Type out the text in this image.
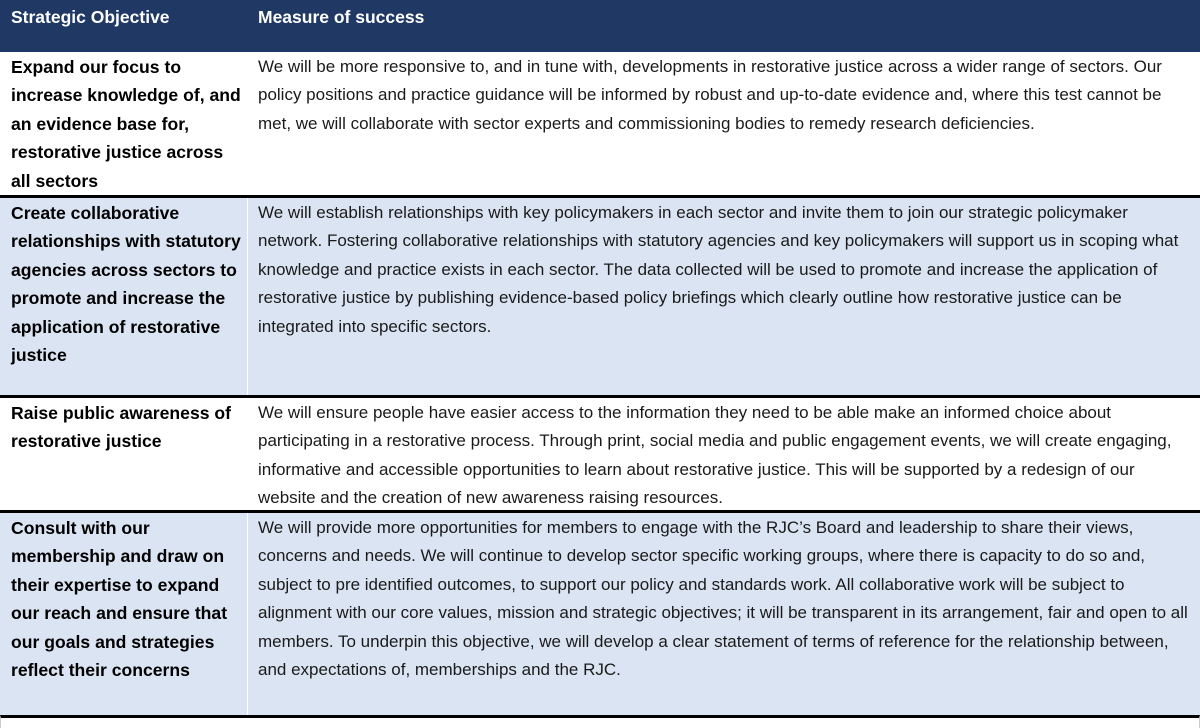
Strategic Objective	Measure of success
Expand our focus to increase knowledge of, and an evidence base for, restorative justice across all sectors
We will be more responsive to, and in tune with, developments in restorative justice across a wider range of sectors. Our policy positions and practice guidance will be informed by robust and up-to-date evidence and, where this test cannot be met, we will collaborate with sector experts and commissioning bodies to remedy research deficiencies.
Create collaborative relationships with statutory agencies across sectors to promote and increase the application of restorative justice
We will establish relationships with key policymakers in each sector and invite them to join our strategic policymaker network. Fostering collaborative relationships with statutory agencies and key policymakers will support us in scoping what knowledge and practice exists in each sector. The data collected will be used to promote and increase the application of restorative justice by publishing evidence-based policy briefings which clearly outline how restorative justice can be integrated into specific sectors.
Raise public awareness of restorative justice
We will ensure people have easier access to the information they need to be able make an informed choice about participating in a restorative process. Through print, social media and public engagement events, we will create engaging, informative and accessible opportunities to learn about restorative justice. This will be supported by a redesign of our website and the creation of new awareness raising resources.
Consult with our membership and draw on their expertise to expand our reach and ensure that our goals and strategies reflect their concerns
We will provide more opportunities for members to engage with the RJC’s Board and leadership to share their views, concerns and needs. We will continue to develop sector specific working groups, where there is capacity to do so and, subject to pre identified outcomes, to support our policy and standards work. All collaborative work will be subject to alignment with our core values, mission and strategic objectives; it will be transparent in its arrangement, fair and open to all members. To underpin this objective, we will develop a clear statement of terms of reference for the relationship between, and expectations of, memberships and the RJC.
